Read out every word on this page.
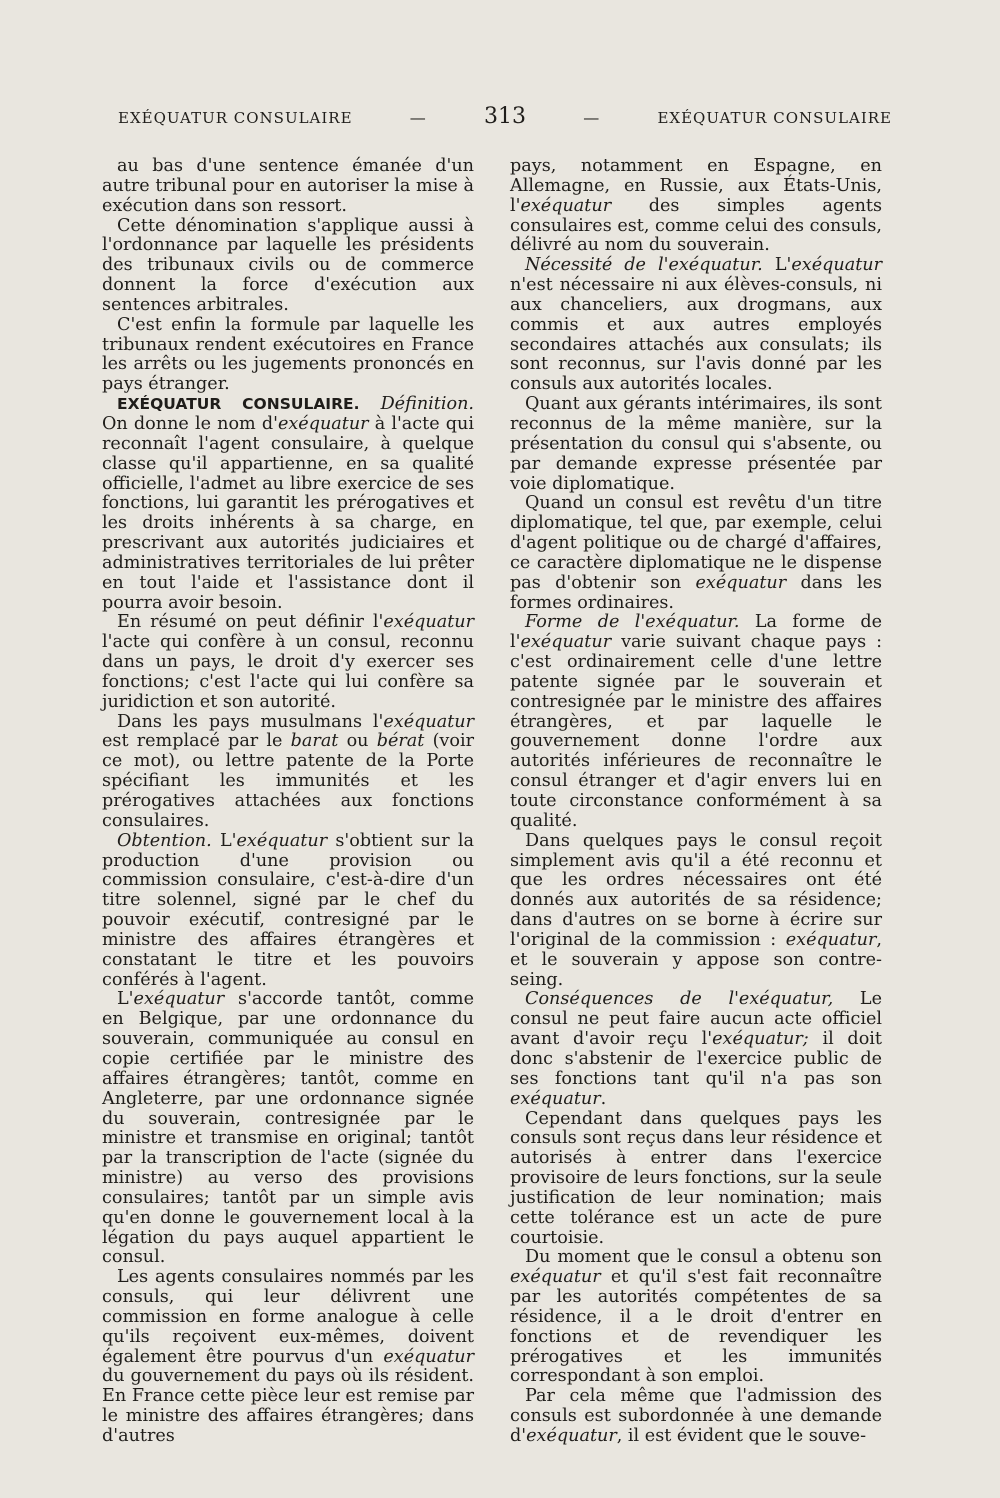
EXÉQUATUR CONSULAIRE	—	313	—	EXÉQUATUR CONSULAIRE

au bas d'une sentence émanée d'un autre tribunal pour en autoriser la mise à exécution dans son ressort.

Cette dénomination s'applique aussi à l'ordonnance par laquelle les présidents des tribunaux civils ou de commerce donnent la force d'exécution aux sentences arbitrales.

C'est enfin la formule par laquelle les tribunaux rendent exécutoires en France les arrêts ou les jugements prononcés en pays étranger.

EXÉQUATUR CONSULAIRE. Définition. On donne le nom d'exéquatur à l'acte qui reconnaît l'agent consulaire, à quelque classe qu'il appartienne, en sa qualité officielle, l'admet au libre exercice de ses fonctions, lui garantit les prérogatives et les droits inhérents à sa charge, en prescrivant aux autorités judiciaires et administratives territoriales de lui prêter en tout l'aide et l'assistance dont il pourra avoir besoin.

En résumé on peut définir l'exéquatur l'acte qui confère à un consul, reconnu dans un pays, le droit d'y exercer ses fonctions; c'est l'acte qui lui confère sa juridiction et son autorité.

Dans les pays musulmans l'exéquatur est remplacé par le barat ou bérat (voir ce mot), ou lettre patente de la Porte spécifiant les immunités et les prérogatives attachées aux fonctions consulaires.

Obtention. L'exéquatur s'obtient sur la production d'une provision ou commission consulaire, c'est-à-dire d'un titre solennel, signé par le chef du pouvoir exécutif, contresigné par le ministre des affaires étrangères et constatant le titre et les pouvoirs conférés à l'agent.

L'exéquatur s'accorde tantôt, comme en Belgique, par une ordonnance du souverain, communiquée au consul en copie certifiée par le ministre des affaires étrangères; tantôt, comme en Angleterre, par une ordonnance signée du souverain, contresignée par le ministre et transmise en original; tantôt par la transcription de l'acte (signée du ministre) au verso des provisions consulaires; tantôt par un simple avis qu'en donne le gouvernement local à la légation du pays auquel appartient le consul.

Les agents consulaires nommés par les consuls, qui leur délivrent une commission en forme analogue à celle qu'ils reçoivent eux-mêmes, doivent également être pourvus d'un exéquatur du gouvernement du pays où ils résident. En France cette pièce leur est remise par le ministre des affaires étrangères; dans d'autres

pays, notamment en Espagne, en Allemagne, en Russie, aux États-Unis, l'exéquatur des simples agents consulaires est, comme celui des consuls, délivré au nom du souverain.

Nécessité de l'exéquatur. L'exéquatur n'est nécessaire ni aux élèves-consuls, ni aux chanceliers, aux drogmans, aux commis et aux autres employés secondaires attachés aux consulats; ils sont reconnus, sur l'avis donné par les consuls aux autorités locales.

Quant aux gérants intérimaires, ils sont reconnus de la même manière, sur la présentation du consul qui s'absente, ou par demande expresse présentée par voie diplomatique.

Quand un consul est revêtu d'un titre diplomatique, tel que, par exemple, celui d'agent politique ou de chargé d'affaires, ce caractère diplomatique ne le dispense pas d'obtenir son exéquatur dans les formes ordinaires.

Forme de l'exéquatur. La forme de l'exéquatur varie suivant chaque pays : c'est ordinairement celle d'une lettre patente signée par le souverain et contresignée par le ministre des affaires étrangères, et par laquelle le gouvernement donne l'ordre aux autorités inférieures de reconnaître le consul étranger et d'agir envers lui en toute circonstance conformément à sa qualité.

Dans quelques pays le consul reçoit simplement avis qu'il a été reconnu et que les ordres nécessaires ont été donnés aux autorités de sa résidence; dans d'autres on se borne à écrire sur l'original de la commission : exéquatur, et le souverain y appose son contre-seing.

Conséquences de l'exéquatur, Le consul ne peut faire aucun acte officiel avant d'avoir reçu l'exéquatur; il doit donc s'abstenir de l'exercice public de ses fonctions tant qu'il n'a pas son exéquatur.

Cependant dans quelques pays les consuls sont reçus dans leur résidence et autorisés à entrer dans l'exercice provisoire de leurs fonctions, sur la seule justification de leur nomination; mais cette tolérance est un acte de pure courtoisie.

Du moment que le consul a obtenu son exéquatur et qu'il s'est fait reconnaître par les autorités compétentes de sa résidence, il a le droit d'entrer en fonctions et de revendiquer les prérogatives et les immunités correspondant à son emploi.

Par cela même que l'admission des consuls est subordonnée à une demande d'exéquatur, il est évident que le souve-
